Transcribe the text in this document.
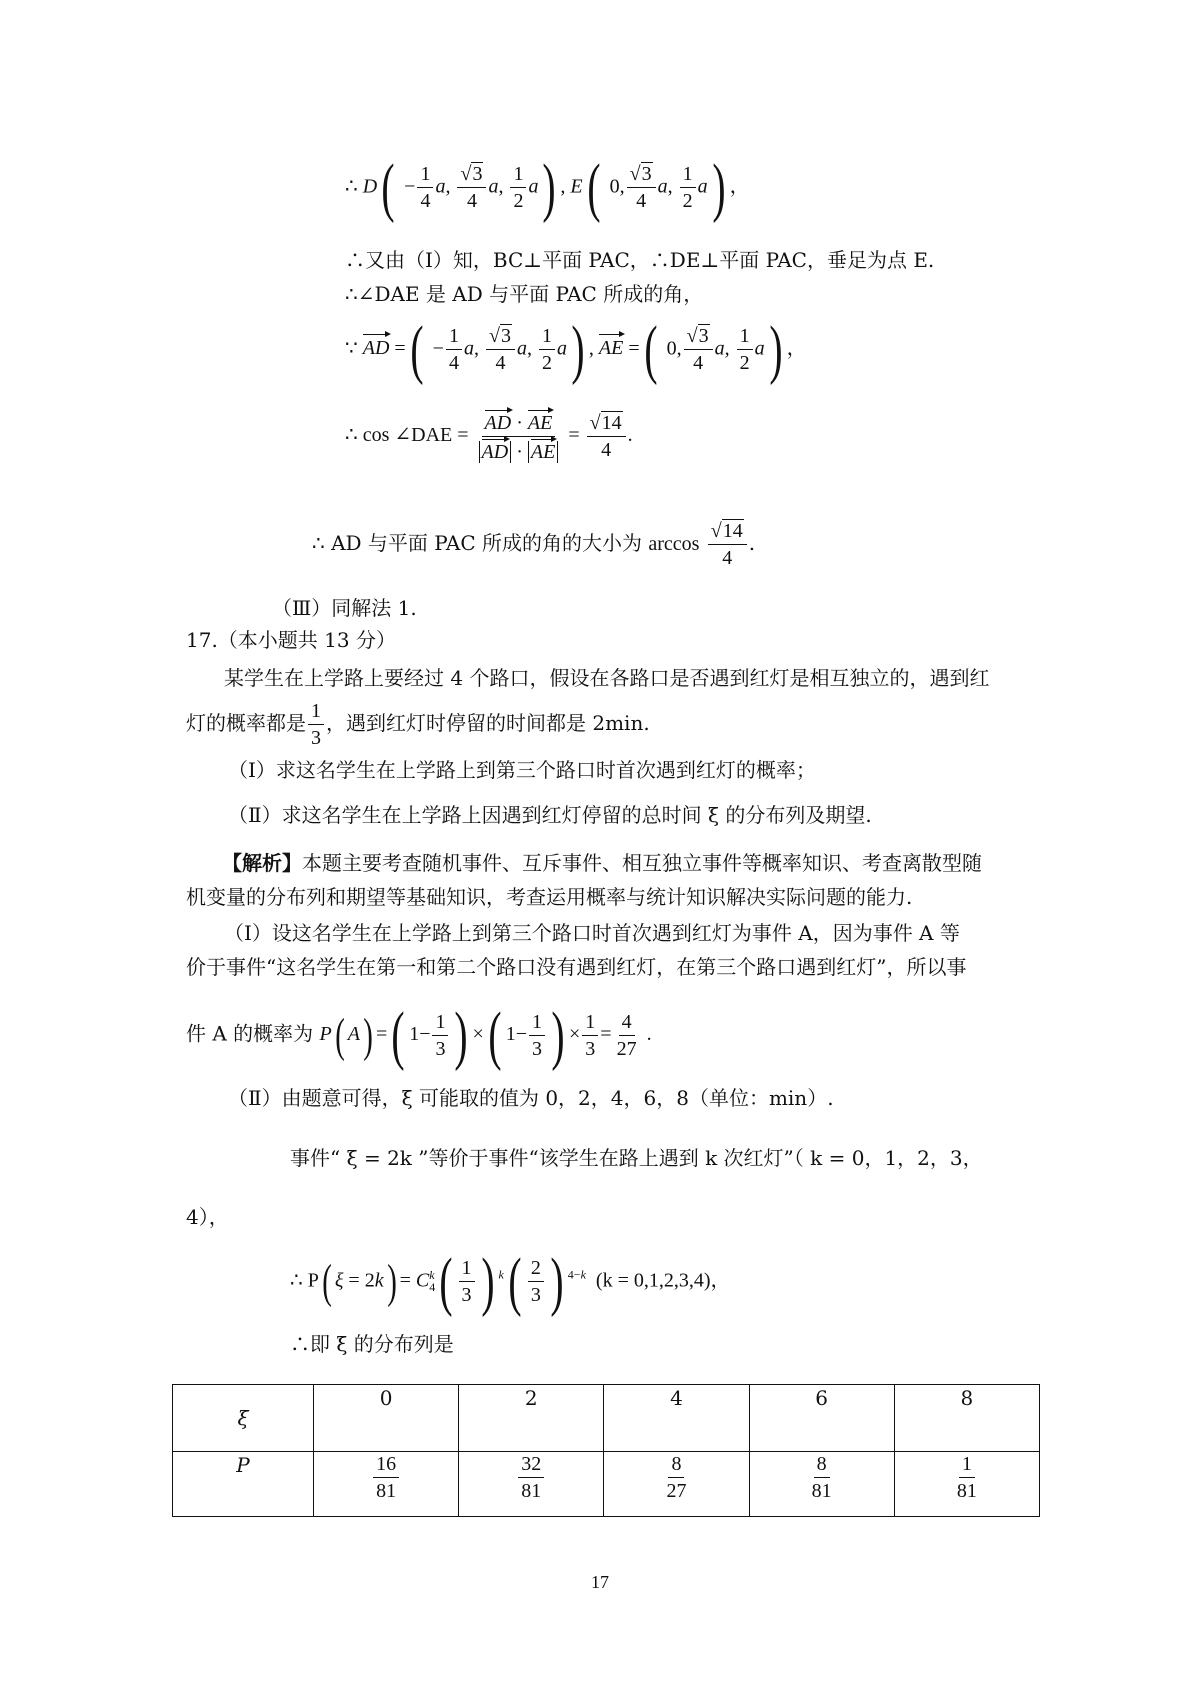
∴ $D( - \frac{1}{4} a$, $\frac{√3}{4} a$, $\frac{1}{2} a$) , E( 0, $\frac{√3}{4} a$, $\frac{1}{2} a$) ，
∴又由（Ⅰ）知，BC⊥平面 PAC，∴DE⊥平面 PAC，垂足为点 E.
∴∠DAE 是 AD 与平面 PAC 所成的角，
∵ AD =( − $\frac{1}{4} a$, $\frac{√3}{4} a$, $\frac{1}{2} a$) , AE =( 0, $\frac{√3}{4} a$, $\frac{1}{2} a$) ，
∴ cos ∠DAE = $\frac{AD \cdot AE}{AD \cdot AE} = \frac{√14}{4}$ .
∴ AD 与平面 PAC 所成的角的大小为 $\arccos \frac{√14}{4}$ .
（Ⅲ）同解法 1.
17.（本小题共 13 分）
某学生在上学路上要经过 4 个路口，假设在各路口是否遇到红灯是相互独立的，遇到红
灯的概率都是 $\frac{1}{3}$ ，遇到红灯时停留的时间都是 2min.
（Ⅰ）求这名学生在上学路上到第三个路口时首次遇到红灯的概率；
（Ⅱ）求这名学生在上学路上因遇到红灯停留的总时间 ξ 的分布列及期望.
【解析】本题主要考查随机事件、互斥事件、相互独立事件等概率知识、考查离散型随
机变量的分布列和期望等基础知识，考查运用概率与统计知识解决实际问题的能力.
（Ⅰ）设这名学生在上学路上到第三个路口时首次遇到红灯为事件 A，因为事件 A 等
价于事件“这名学生在第一和第二个路口没有遇到红灯，在第三个路口遇到红灯”，所以事
件 A 的概率为 P( A) =( $1- \frac{1}{3}$ ) ×( $1- \frac{1}{3}$ ) × $\frac{1}{3} = \frac{4}{27}$ .
（Ⅱ）由题意可得，ξ 可能取的值为 0，2，4，6，8（单位：min）.
事件“ ξ = 2k ”等价于事件“该学生在路上遇到 k 次红灯”（ k = 0，1，2，3，
4），
∴ P( $\xi = 2k) = C_4^k( \frac{1}{3}$ ) $^k( \frac{2}{3}$ ) $^{4-k}$ (k = 0,1,2,3,4)，
∴即 ξ 的分布列是
ξ	0	2	4	6	8
P	$\frac{16}{81}$	$\frac{32}{81}$	$\frac{8}{27}$	$\frac{8}{81}$	$\frac{1}{81}$
17
